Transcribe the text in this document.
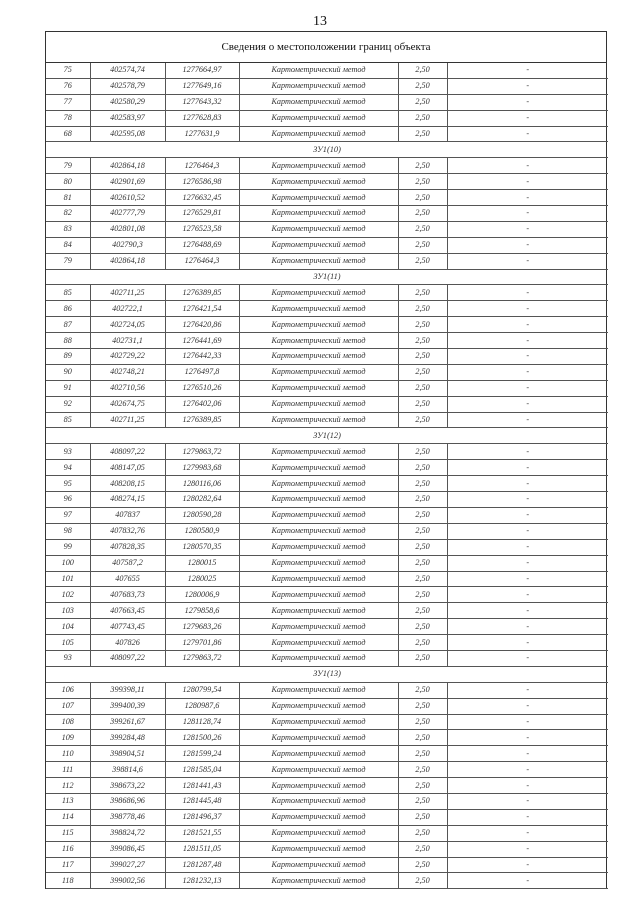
13
Сведения о местоположении границ объекта
75	402574,74	1277664,97	Картометрический метод	2,50	-
76	402578,79	1277649,16	Картометрический метод	2,50	-
77	402580,29	1277643,32	Картометрический метод	2,50	-
78	402583,97	1277628,83	Картометрический метод	2,50	-
68	402595,08	1277631,9	Картометрический метод	2,50	-
ЗУ1(10)					
79	402864,18	1276464,3	Картометрический метод	2,50	-
80	402901,69	1276586,98	Картометрический метод	2,50	-
81	402610,52	1276632,45	Картометрический метод	2,50	-
82	402777,79	1276529,81	Картометрический метод	2,50	-
83	402801,08	1276523,58	Картометрический метод	2,50	-
84	402790,3	1276488,69	Картометрический метод	2,50	-
79	402864,18	1276464,3	Картометрический метод	2,50	-
ЗУ1(11)					
85	402711,25	1276389,85	Картометрический метод	2,50	-
86	402722,1	1276421,54	Картометрический метод	2,50	-
87	402724,05	1276420,86	Картометрический метод	2,50	-
88	402731,1	1276441,69	Картометрический метод	2,50	-
89	402729,22	1276442,33	Картометрический метод	2,50	-
90	402748,21	1276497,8	Картометрический метод	2,50	-
91	402710,56	1276510,26	Картометрический метод	2,50	-
92	402674,75	1276402,06	Картометрический метод	2,50	-
85	402711,25	1276389,85	Картометрический метод	2,50	-
ЗУ1(12)					
93	408097,22	1279863,72	Картометрический метод	2,50	-
94	408147,05	1279983,68	Картометрический метод	2,50	-
95	408208,15	1280116,06	Картометрический метод	2,50	-
96	408274,15	1280282,64	Картометрический метод	2,50	-
97	407837	1280590,28	Картометрический метод	2,50	-
98	407832,76	1280580,9	Картометрический метод	2,50	-
99	407828,35	1280570,35	Картометрический метод	2,50	-
100	407587,2	1280015	Картометрический метод	2,50	-
101	407655	1280025	Картометрический метод	2,50	-
102	407683,73	1280006,9	Картометрический метод	2,50	-
103	407663,45	1279858,6	Картометрический метод	2,50	-
104	407743,45	1279683,26	Картометрический метод	2,50	-
105	407826	1279701,86	Картометрический метод	2,50	-
93	408097,22	1279863,72	Картометрический метод	2,50	-
ЗУ1(13)					
106	399398,11	1280799,54	Картометрический метод	2,50	-
107	399400,39	1280987,6	Картометрический метод	2,50	-
108	399261,67	1281128,74	Картометрический метод	2,50	-
109	399284,48	1281500,26	Картометрический метод	2,50	-
110	398904,51	1281599,24	Картометрический метод	2,50	-
111	398814,6	1281585,04	Картометрический метод	2,50	-
112	398673,22	1281441,43	Картометрический метод	2,50	-
113	398686,96	1281445,48	Картометрический метод	2,50	-
114	398778,46	1281496,37	Картометрический метод	2,50	-
115	398824,72	1281521,55	Картометрический метод	2,50	-
116	399086,45	1281511,05	Картометрический метод	2,50	-
117	399027,27	1281287,48	Картометрический метод	2,50	-
118	399002,56	1281232,13	Картометрический метод	2,50	-
